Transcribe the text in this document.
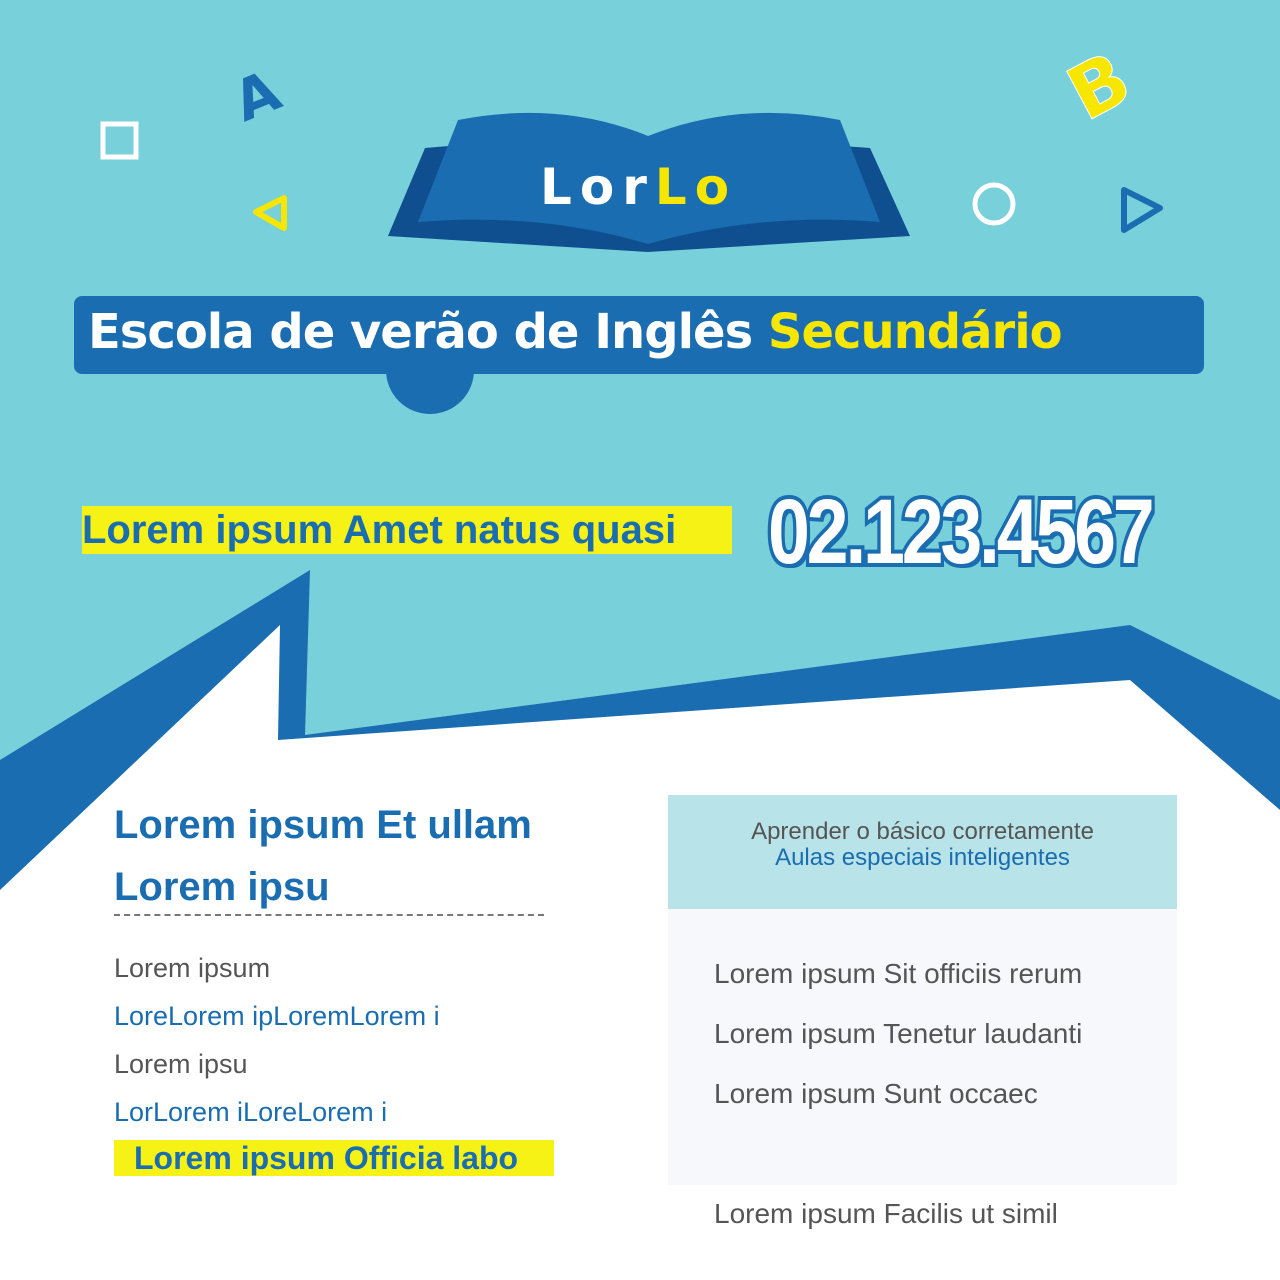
A	B
LorLo
Escola de verão de Inglês Secundário
Lorem ipsum Amet natus quasi 02.123.4567
Lorem ipsum Et ullam Lorem ipsu
Lorem ipsum
LoreLorem ipLoremLorem i
Lorem ipsu
LorLorem iLoreLorem i
Lorem ipsum Officia labo
Aprender o básico corretamente
Aulas especiais inteligentes
Lorem ipsum Sit officiis rerum
Lorem ipsum Tenetur laudanti
Lorem ipsum Sunt occaec
Lorem ipsum Facilis ut simil
